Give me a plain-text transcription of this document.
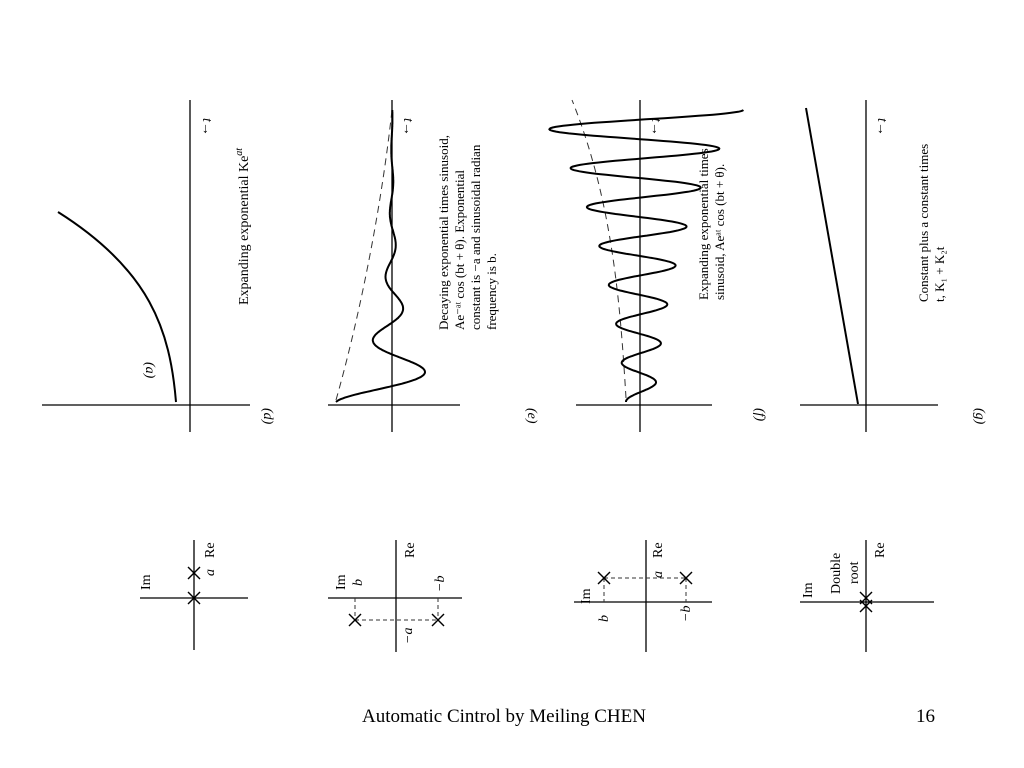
t→
(a)
Expanding exponential $Ke^{at}$
(d)
t→
Decaying exponential times sinusoid, Ae⁻ᵃᵗ cos (bt + θ). Exponential constant is −a and sinusoidal radian frequency is b.
(e)
t→
Expanding exponential times sinusoid, Aeᵃᵗ cos (bt + θ).
(f)
t→
Constant plus a constant times t, K₁ + K₂t
(g)
Im
Re
a
Im b
Re
−b
−a
Im
b
a
Re
−b
Im Double root
Re
Automatic Cintrol by Meiling CHEN	16
